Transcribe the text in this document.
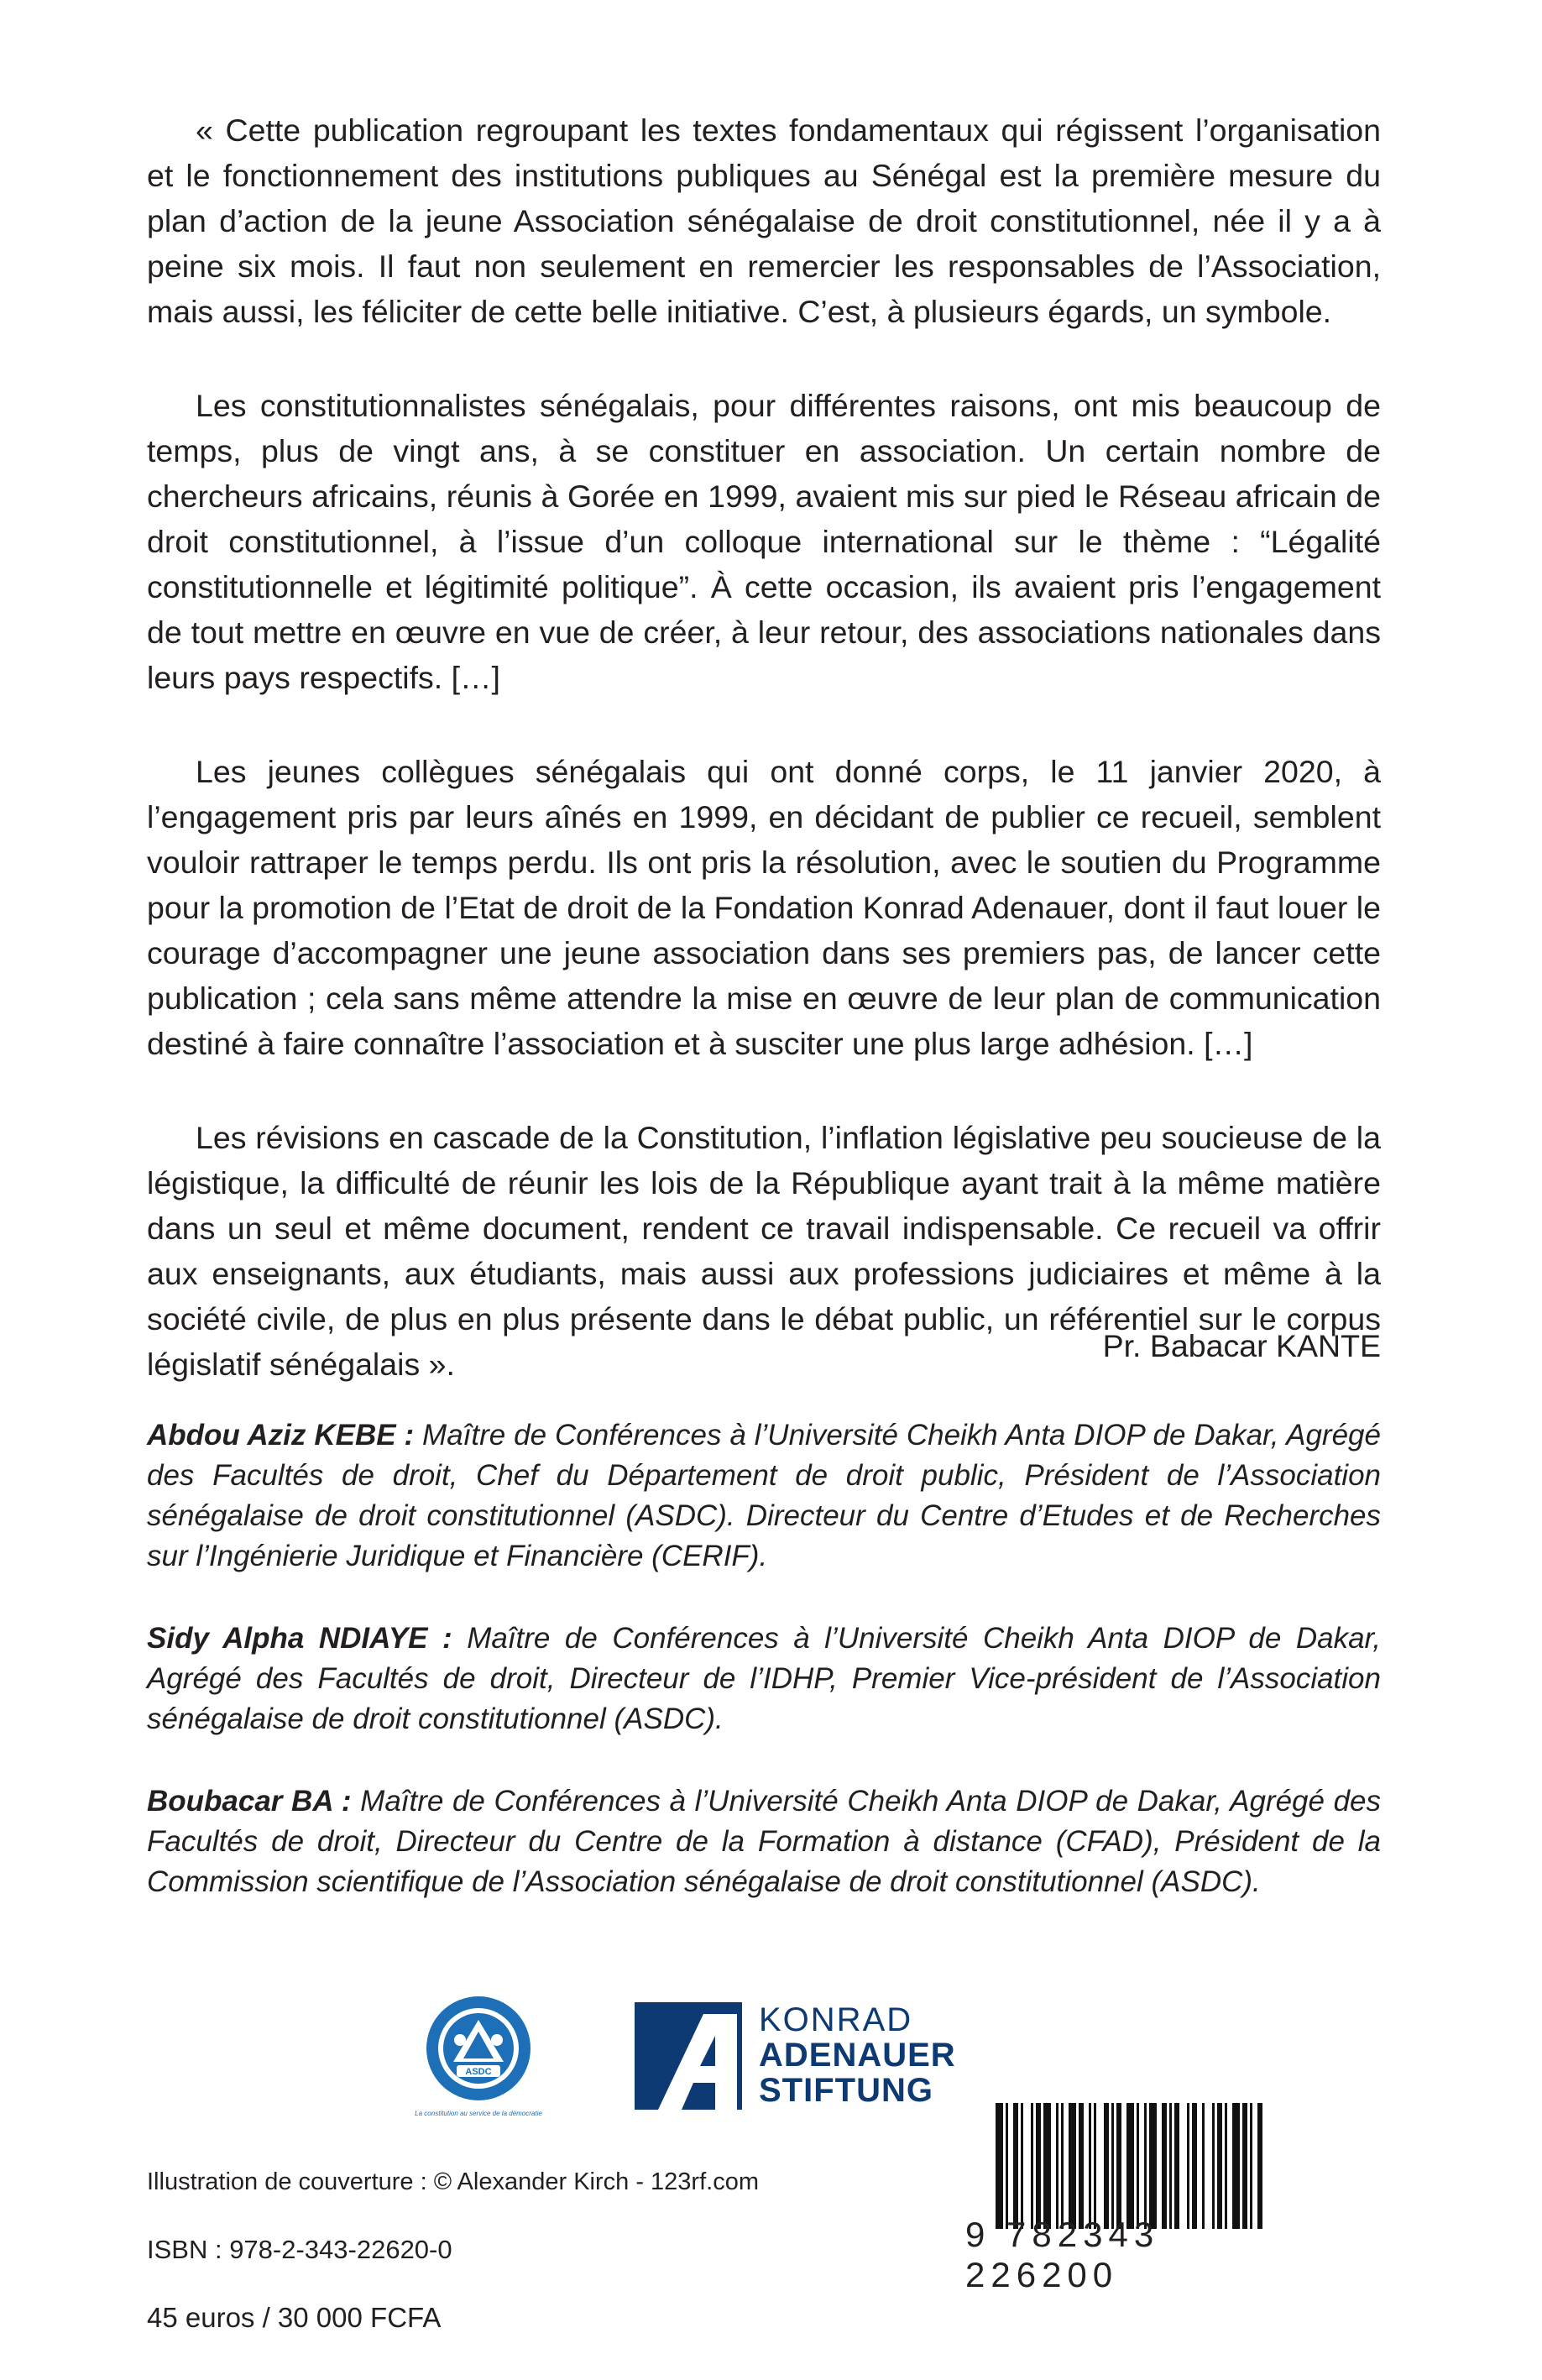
« Cette publication regroupant les textes fondamentaux qui régissent l’organisation et le fonctionnement des institutions publiques au Sénégal est la première mesure du plan d’action de la jeune Association sénégalaise de droit constitutionnel, née il y a à peine six mois. Il faut non seulement en remercier les responsables de l’Association, mais aussi, les féliciter de cette belle initiative. C’est, à plusieurs égards, un symbole.

Les constitutionnalistes sénégalais, pour différentes raisons, ont mis beaucoup de temps, plus de vingt ans, à se constituer en association. Un certain nombre de chercheurs africains, réunis à Gorée en 1999, avaient mis sur pied le Réseau africain de droit constitutionnel, à l’issue d’un colloque international sur le thème : “Légalité constitutionnelle et légitimité politique”. À cette occasion, ils avaient pris l’engagement de tout mettre en œuvre en vue de créer, à leur retour, des associations nationales dans leurs pays respectifs. […]

Les jeunes collègues sénégalais qui ont donné corps, le 11 janvier 2020, à l’engagement pris par leurs aînés en 1999, en décidant de publier ce recueil, semblent vouloir rattraper le temps perdu. Ils ont pris la résolution, avec le soutien du Programme pour la promotion de l’Etat de droit de la Fondation Konrad Adenauer, dont il faut louer le courage d’accompagner une jeune association dans ses premiers pas, de lancer cette publication ; cela sans même attendre la mise en œuvre de leur plan de communication destiné à faire connaître l’association et à susciter une plus large adhésion. […]

Les révisions en cascade de la Constitution, l’inflation législative peu soucieuse de la légistique, la difficulté de réunir les lois de la République ayant trait à la même matière dans un seul et même document, rendent ce travail indispensable. Ce recueil va offrir aux enseignants, aux étudiants, mais aussi aux professions judiciaires et même à la société civile, de plus en plus présente dans le débat public, un référentiel sur le corpus législatif sénégalais ».

Pr. Babacar KANTE

Abdou Aziz KEBE : Maître de Conférences à l’Université Cheikh Anta DIOP de Dakar, Agrégé des Facultés de droit, Chef du Département de droit public, Président de l’Association sénégalaise de droit constitutionnel (ASDC). Directeur du Centre d’Etudes et de Recherches sur l’Ingénierie Juridique et Financière (CERIF).

Sidy Alpha NDIAYE : Maître de Conférences à l’Université Cheikh Anta DIOP de Dakar, Agrégé des Facultés de droit, Directeur de l’IDHP, Premier Vice-président de l’Association sénégalaise de droit constitutionnel (ASDC).

Boubacar BA : Maître de Conférences à l’Université Cheikh Anta DIOP de Dakar, Agrégé des Facultés de droit, Directeur du Centre de la Formation à distance (CFAD), Président de la Commission scientifique de l’Association sénégalaise de droit constitutionnel (ASDC).

ASDC
La constitution au service de la démocratie
KONRAD
ADENAUER
STIFTUNG
Illustration de couverture : © Alexander Kirch - 123rf.com
ISBN : 978-2-343-22620-0
45 euros / 30 000 FCFA
9 782343 226200
